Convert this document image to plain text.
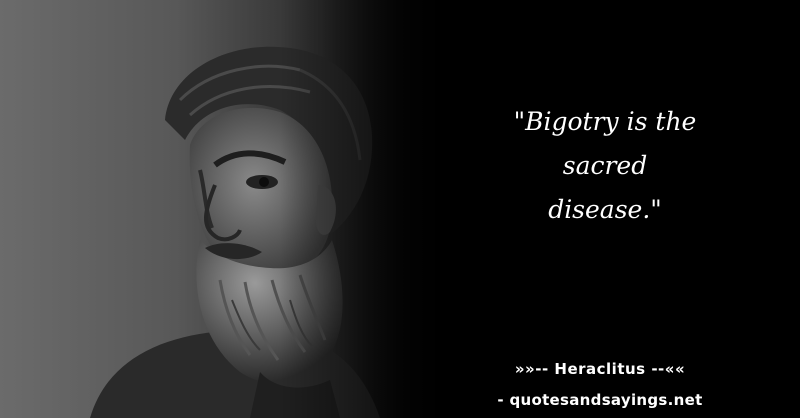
"Bigotry is the
sacred
disease."
»»-- Heraclitus --««
- quotesandsayings.net
